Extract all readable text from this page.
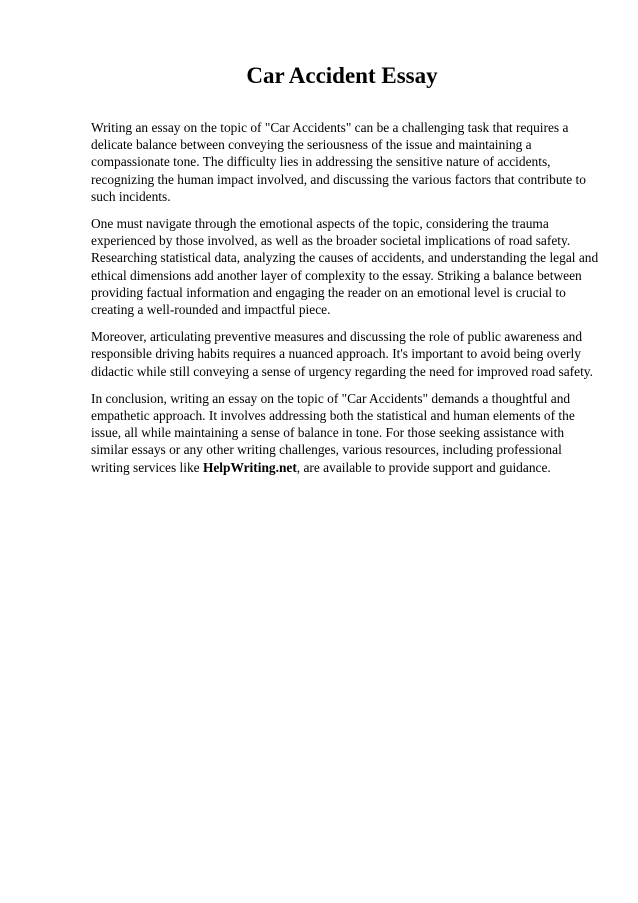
Car Accident Essay

Writing an essay on the topic of "Car Accidents" can be a challenging task that requires a delicate balance between conveying the seriousness of the issue and maintaining a compassionate tone. The difficulty lies in addressing the sensitive nature of accidents, recognizing the human impact involved, and discussing the various factors that contribute to such incidents.

One must navigate through the emotional aspects of the topic, considering the trauma experienced by those involved, as well as the broader societal implications of road safety. Researching statistical data, analyzing the causes of accidents, and understanding the legal and ethical dimensions add another layer of complexity to the essay. Striking a balance between providing factual information and engaging the reader on an emotional level is crucial to creating a well-rounded and impactful piece.

Moreover, articulating preventive measures and discussing the role of public awareness and responsible driving habits requires a nuanced approach. It's important to avoid being overly didactic while still conveying a sense of urgency regarding the need for improved road safety.

In conclusion, writing an essay on the topic of "Car Accidents" demands a thoughtful and empathetic approach. It involves addressing both the statistical and human elements of the issue, all while maintaining a sense of balance in tone. For those seeking assistance with similar essays or any other writing challenges, various resources, including professional writing services like HelpWriting.net, are available to provide support and guidance.
